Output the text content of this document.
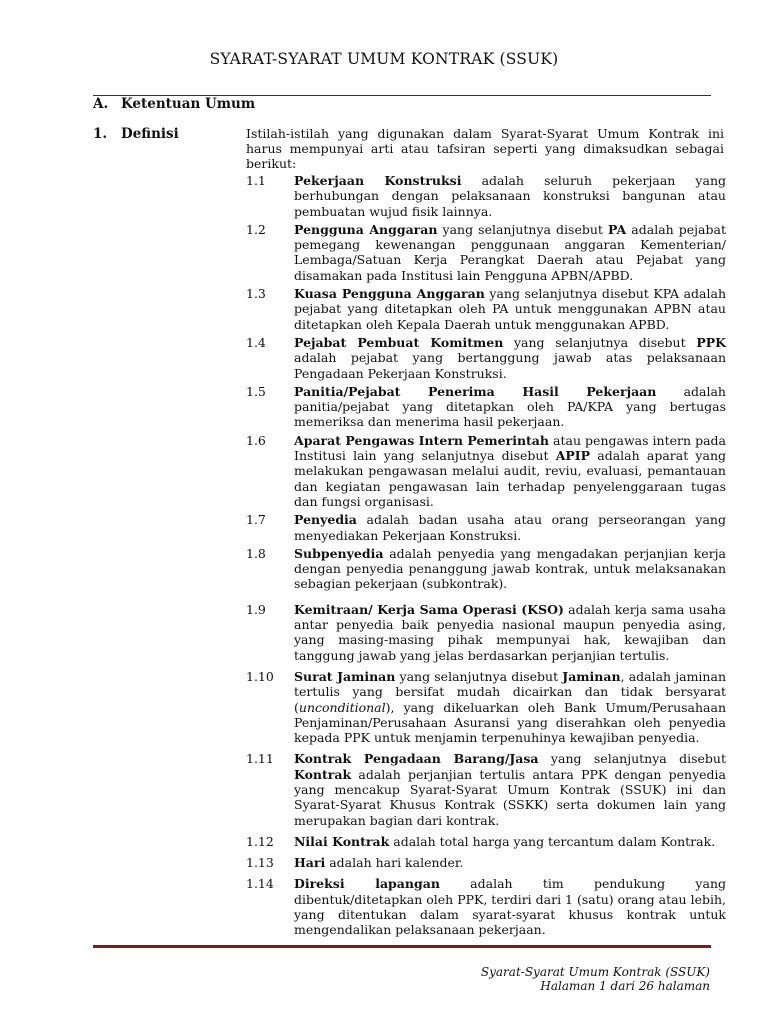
SYARAT-SYARAT UMUM KONTRAK (SSUK)
A. Ketentuan Umum
1. Definisi	Istilah-istilah yang digunakan dalam Syarat-Syarat Umum Kontrak ini harus mempunyai arti atau tafsiran seperti yang dimaksudkan sebagai berikut:

1.1	Pekerjaan Konstruksi adalah seluruh pekerjaan yang berhubungan dengan pelaksanaan konstruksi bangunan atau pembuatan wujud fisik lainnya.
1.2	Pengguna Anggaran yang selanjutnya disebut PA adalah pejabat pemegang kewenangan penggunaan anggaran Kementerian/ Lembaga/Satuan Kerja Perangkat Daerah atau Pejabat yang disamakan pada Institusi lain Pengguna APBN/APBD.
1.3	Kuasa Pengguna Anggaran yang selanjutnya disebut KPA adalah pejabat yang ditetapkan oleh PA untuk menggunakan APBN atau ditetapkan oleh Kepala Daerah untuk menggunakan APBD.
1.4	Pejabat Pembuat Komitmen yang selanjutnya disebut PPK adalah pejabat yang bertanggung jawab atas pelaksanaan Pengadaan Pekerjaan Konstruksi.
1.5	Panitia/Pejabat Penerima Hasil Pekerjaan adalah panitia/pejabat yang ditetapkan oleh PA/KPA yang bertugas memeriksa dan menerima hasil pekerjaan.
1.6	Aparat Pengawas Intern Pemerintah atau pengawas intern pada Institusi lain yang selanjutnya disebut APIP adalah aparat yang melakukan pengawasan melalui audit, reviu, evaluasi, pemantauan dan kegiatan pengawasan lain terhadap penyelenggaraan tugas dan fungsi organisasi.
1.7	Penyedia adalah badan usaha atau orang perseorangan yang menyediakan Pekerjaan Konstruksi.
1.8	Subpenyedia adalah penyedia yang mengadakan perjanjian kerja dengan penyedia penanggung jawab kontrak, untuk melaksanakan sebagian pekerjaan (subkontrak).
1.9	Kemitraan/ Kerja Sama Operasi (KSO) adalah kerja sama usaha antar penyedia baik penyedia nasional maupun penyedia asing, yang masing-masing pihak mempunyai hak, kewajiban dan tanggung jawab yang jelas berdasarkan perjanjian tertulis.
1.10	Surat Jaminan yang selanjutnya disebut Jaminan, adalah jaminan tertulis yang bersifat mudah dicairkan dan tidak bersyarat (unconditional), yang dikeluarkan oleh Bank Umum/Perusahaan Penjaminan/Perusahaan Asuransi yang diserahkan oleh penyedia kepada PPK untuk menjamin terpenuhinya kewajiban penyedia.
1.11	Kontrak Pengadaan Barang/Jasa yang selanjutnya disebut Kontrak adalah perjanjian tertulis antara PPK dengan penyedia yang mencakup Syarat-Syarat Umum Kontrak (SSUK) ini dan Syarat-Syarat Khusus Kontrak (SSKK) serta dokumen lain yang merupakan bagian dari kontrak.
1.12	Nilai Kontrak adalah total harga yang tercantum dalam Kontrak.
1.13	Hari adalah hari kalender.
1.14	Direksi lapangan adalah tim pendukung yang dibentuk/ditetapkan oleh PPK, terdiri dari 1 (satu) orang atau lebih, yang ditentukan dalam syarat-syarat khusus kontrak untuk mengendalikan pelaksanaan pekerjaan.
Syarat-Syarat Umum Kontrak (SSUK)
Halaman 1 dari 26 halaman
